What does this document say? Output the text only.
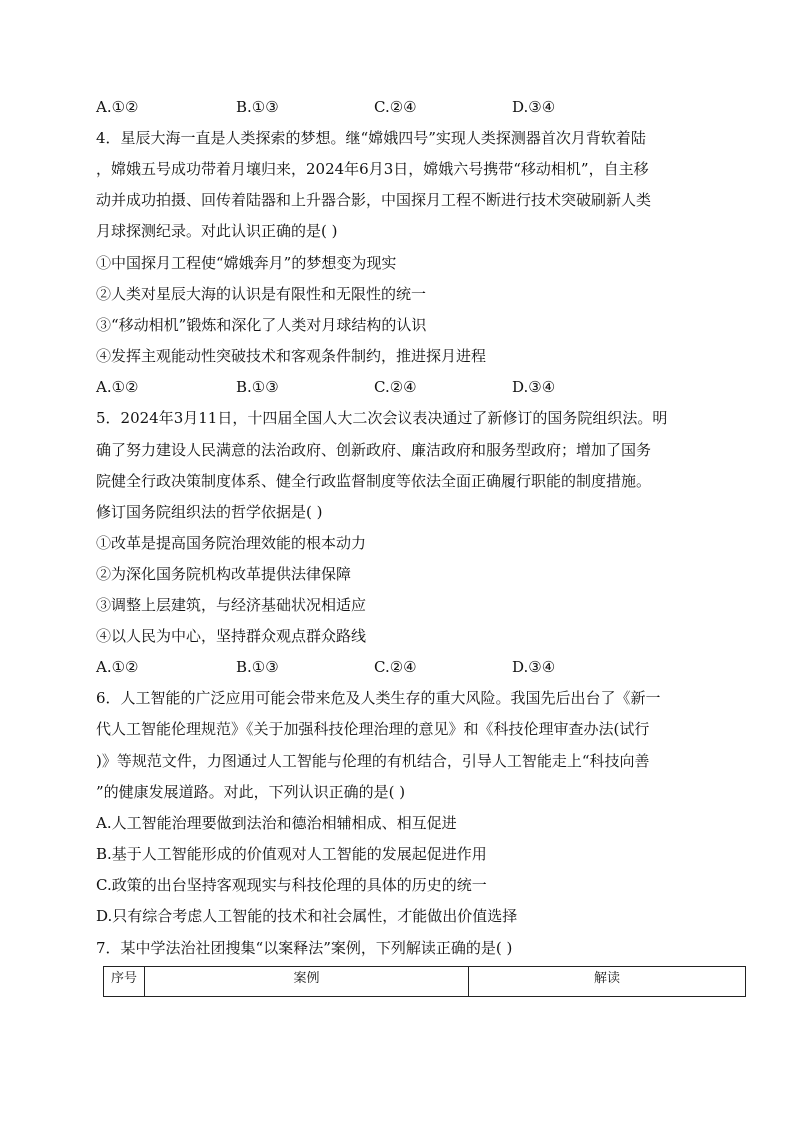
A.①②	B.①③	C.②④	D.③④
4．星辰大海一直是人类探索的梦想。继“嫦娥四号”实现人类探测器首次月背软着陆
，嫦娥五号成功带着月壤归来，2024年6月3日，嫦娥六号携带“移动相机”，自主移
动并成功拍摄、回传着陆器和上升器合影，中国探月工程不断进行技术突破刷新人类
月球探测纪录。对此认识正确的是( )
①中国探月工程使“嫦娥奔月”的梦想变为现实
②人类对星辰大海的认识是有限性和无限性的统一
③“移动相机”锻炼和深化了人类对月球结构的认识
④发挥主观能动性突破技术和客观条件制约，推进探月进程
A.①②	B.①③	C.②④	D.③④
5．2024年3月11日，十四届全国人大二次会议表决通过了新修订的国务院组织法。明
确了努力建设人民满意的法治政府、创新政府、廉洁政府和服务型政府；增加了国务
院健全行政决策制度体系、健全行政监督制度等依法全面正确履行职能的制度措施。
修订国务院组织法的哲学依据是( )
①改革是提高国务院治理效能的根本动力
②为深化国务院机构改革提供法律保障
③调整上层建筑，与经济基础状况相适应
④以人民为中心，坚持群众观点群众路线
A.①②	B.①③	C.②④	D.③④
6．人工智能的广泛应用可能会带来危及人类生存的重大风险。我国先后出台了《新一
代人工智能伦理规范》《关于加强科技伦理治理的意见》和《科技伦理审查办法(试行
)》等规范文件，力图通过人工智能与伦理的有机结合，引导人工智能走上“科技向善
”的健康发展道路。对此，下列认识正确的是( )
A.人工智能治理要做到法治和德治相辅相成、相互促进
B.基于人工智能形成的价值观对人工智能的发展起促进作用
C.政策的出台坚持客观现实与科技伦理的具体的历史的统一
D.只有综合考虑人工智能的技术和社会属性，才能做出价值选择
7．某中学法治社团搜集“以案释法”案例，下列解读正确的是( )
序号	案例	解读
